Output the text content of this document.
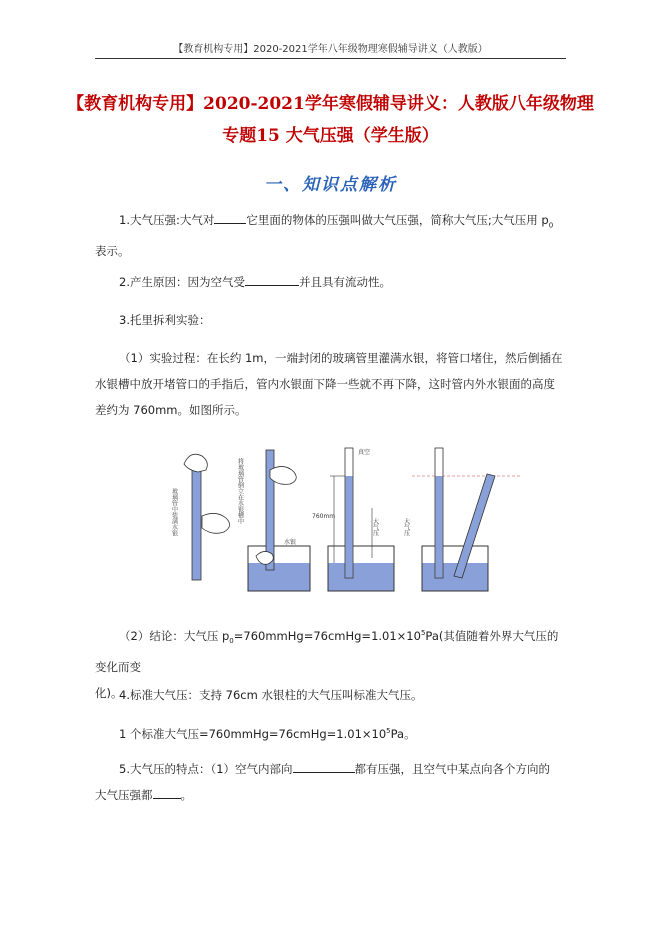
【教育机构专用】2020-2021学年八年级物理寒假辅导讲义（人教版）
【教育机构专用】2020-2021学年寒假辅导讲义：人教版八年级物理
专题15 大气压强（学生版）
一、知识点解析
1.大气压强:大气对	它里面的物体的压强叫做大气压强，简称大气压;大气压用 $p_0$
表示。
2.产生原因：因为空气受	并且具有流动性。
3.托里拆利实验：
（1）实验过程：在长约 1m，一端封闭的玻璃管里灌满水银，将管口堵住，然后倒插在
水银槽中放开堵管口的手指后，管内水银面下降一些就不再下降，这时管内外水银面的高度
差约为 760mm。如图所示。
玻璃管中装满水银	将玻璃管倒立在水银槽中
水银
760mm
真空
大气压	大气压
（2）结论：大气压 $p_0=760mmHg=76cmHg=1.01\times 10^5Pa$(其值随着外界大气压的变化而变
化)。
4.标准大气压：支持 76cm 水银柱的大气压叫标准大气压。
1 个标准大气压$=760mmHg=76cmHg=1.01\times 10^5Pa$。
5.大气压的特点：（1）空气内部向	都有压强，且空气中某点向各个方向的
大气压强都 。
